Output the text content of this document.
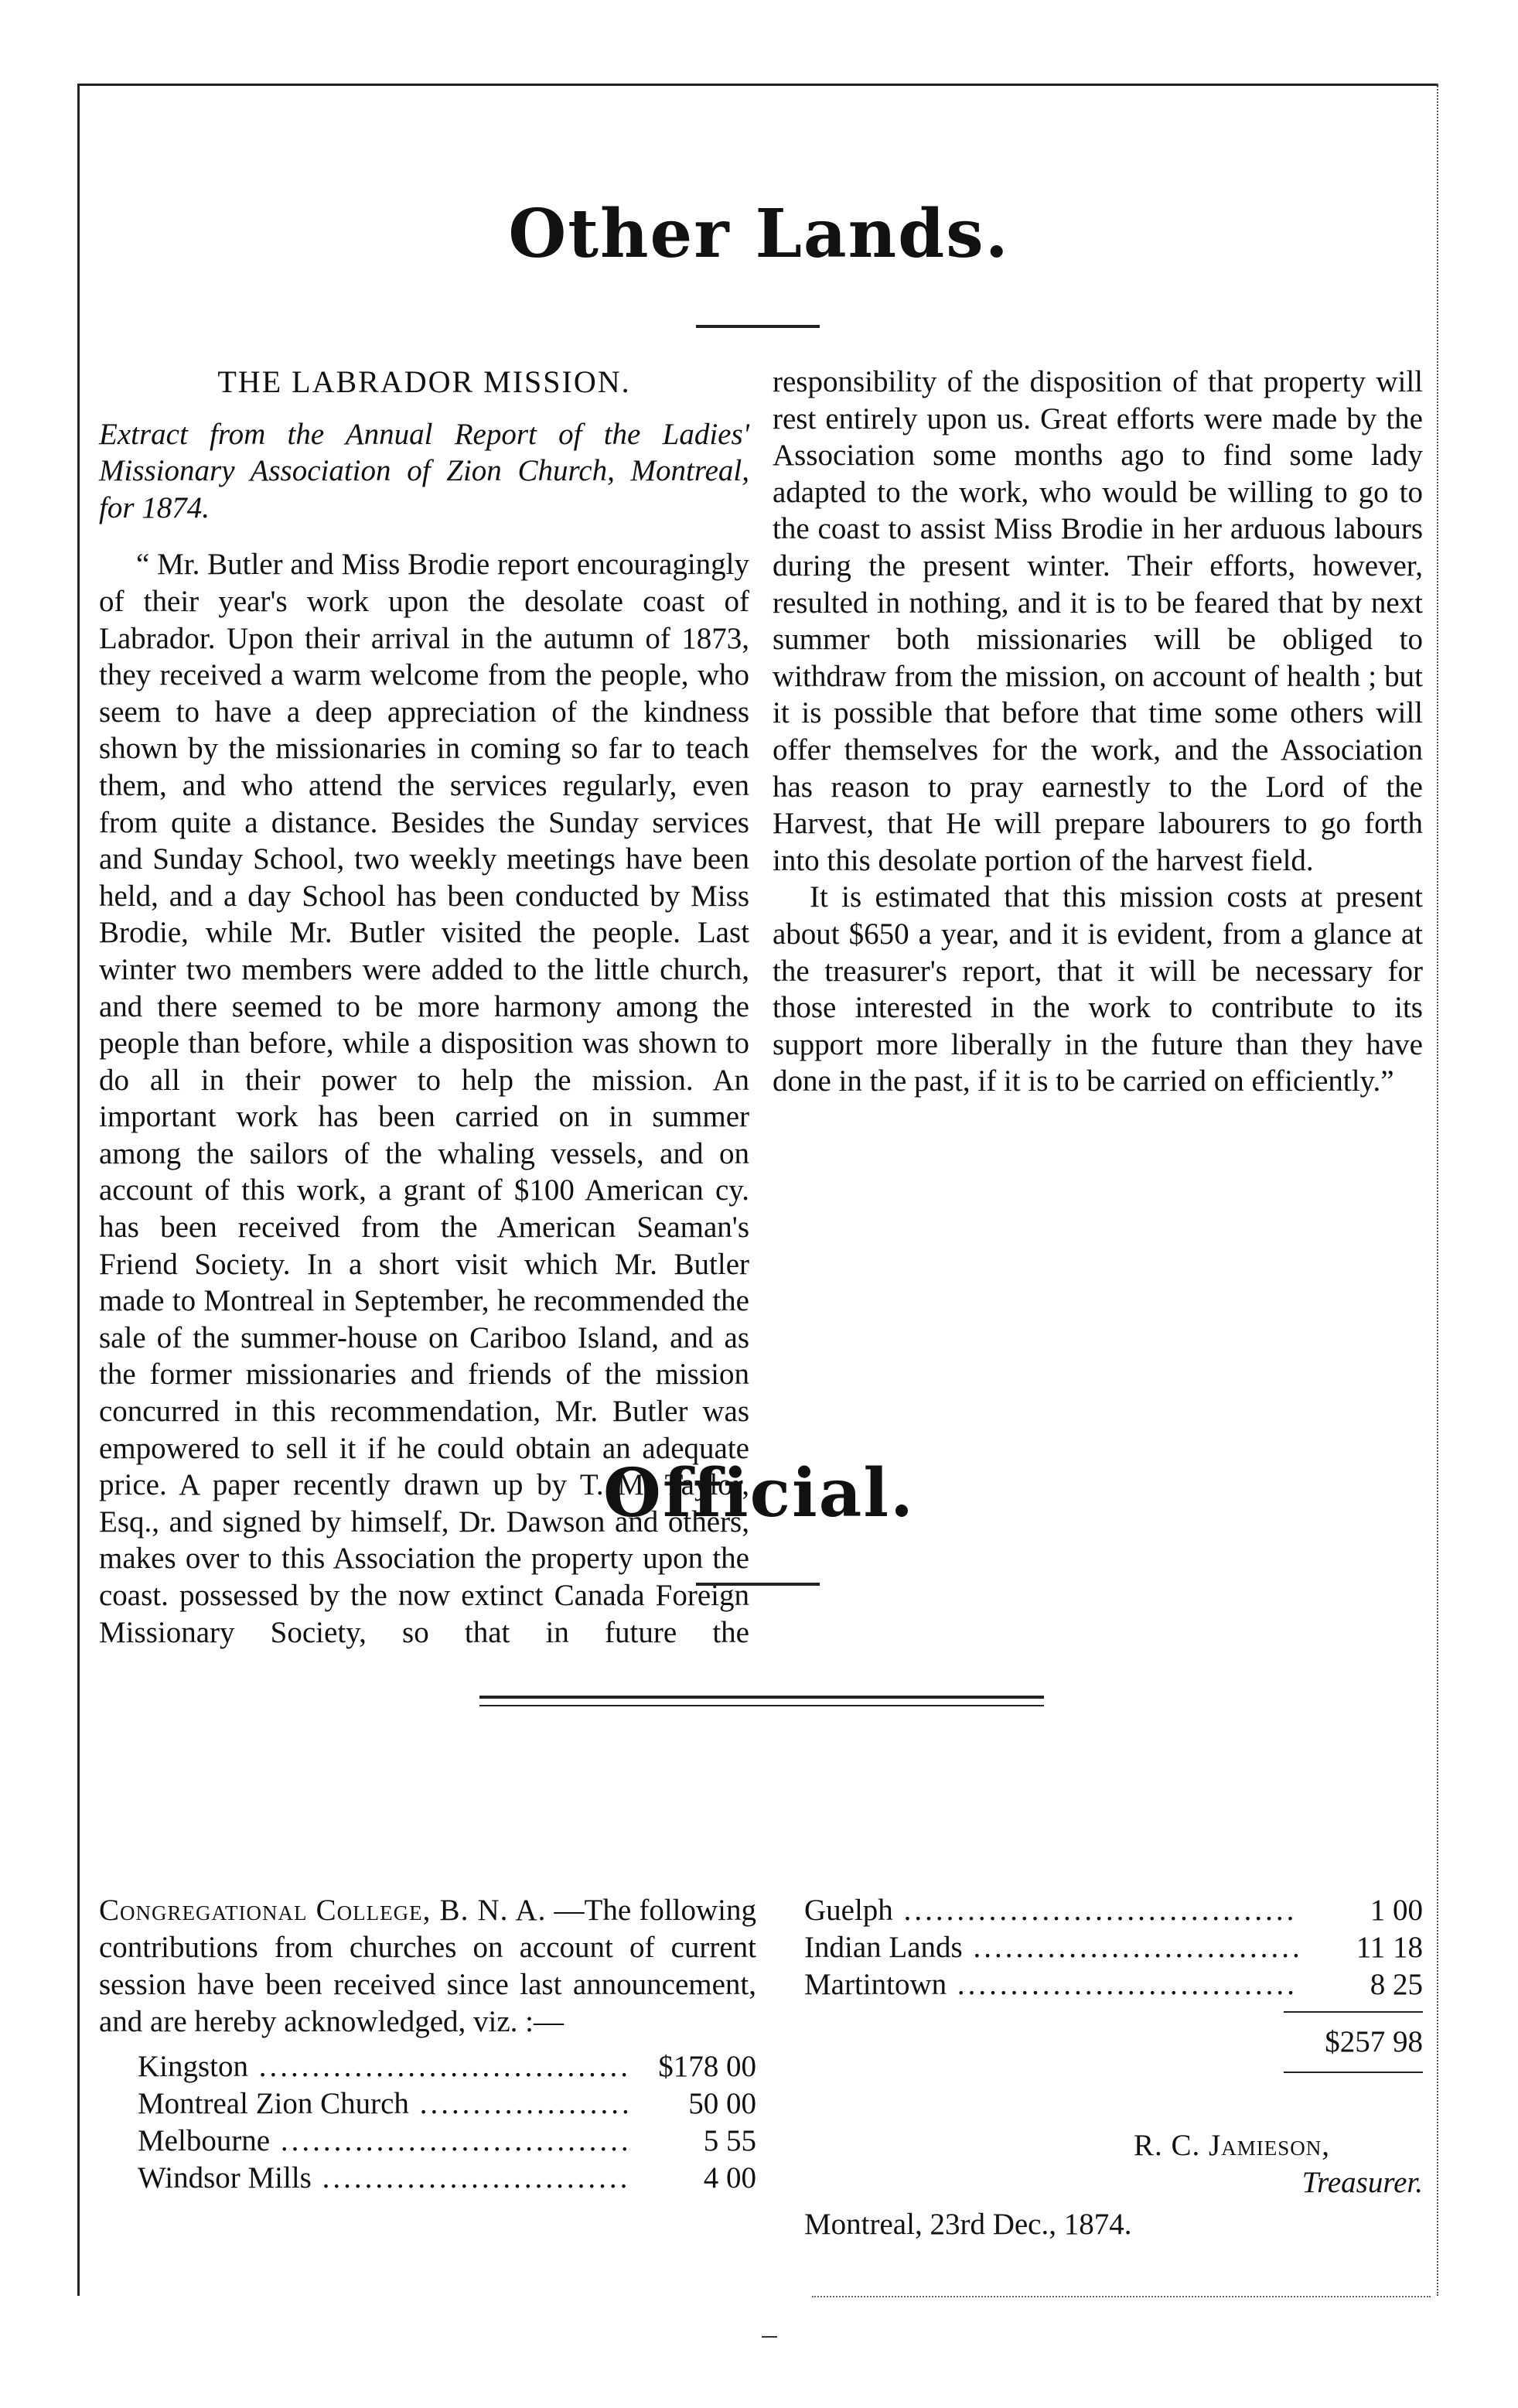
Other Lands.

THE LABRADOR MISSION.

Extract from the Annual Report of the Ladies' Missionary Association of Zion Church, Montreal, for 1874.

“ Mr. Butler and Miss Brodie report encouragingly of their year's work upon the desolate coast of Labrador. Upon their arrival in the autumn of 1873, they received a warm welcome from the people, who seem to have a deep appreciation of the kindness shown by the missionaries in coming so far to teach them, and who attend the services regularly, even from quite a distance. Besides the Sunday services and Sunday School, two weekly meetings have been held, and a day School has been conducted by Miss Brodie, while Mr. Butler visited the people. Last winter two members were added to the little church, and there seemed to be more harmony among the people than before, while a disposition was shown to do all in their power to help the mission. An important work has been carried on in summer among the sailors of the whaling vessels, and on account of this work, a grant of $100 American cy. has been received from the American Seaman's Friend Society. In a short visit which Mr. Butler made to Montreal in September, he recommended the sale of the summer-house on Cariboo Island, and as the former missionaries and friends of the mission concurred in this recommendation, Mr. Butler was empowered to sell it if he could obtain an adequate price. A paper recently drawn up by T. M. Taylor, Esq., and signed by himself, Dr. Dawson and others, makes over to this Association the property upon the coast. possessed by the now extinct Canada Foreign Missionary Society, so that in future the responsibility of the disposition of that property will rest entirely upon us. Great efforts were made by the Association some months ago to find some lady adapted to the work, who would be willing to go to the coast to assist Miss Brodie in her arduous labours during the present winter. Their efforts, however, resulted in nothing, and it is to be feared that by next summer both missionaries will be obliged to withdraw from the mission, on account of health ; but it is possible that before that time some others will offer themselves for the work, and the Association has reason to pray earnestly to the Lord of the Harvest, that He will prepare labourers to go forth into this desolate portion of the harvest field.

It is estimated that this mission costs at present about $650 a year, and it is evident, from a glance at the treasurer's report, that it will be necessary for those interested in the work to contribute to its support more liberally in the future than they have done in the past, if it is to be carried on efficiently.”

Official.

Congregational College, B. N. A. —The following contributions from churches on account of current session have been received since last announcement, and are hereby acknowledged, viz. :—

Kingston .....	$178 00
Montreal Zion Church .....	50 00
Melbourne .....	5 55
Windsor Mills .....	4 00
Guelph .....	1 00
Indian Lands .....	11 18
Martintown .....	8 25
$257 98
R. C. Jamieson,
Treasurer.
Montreal, 23rd Dec., 1874.
